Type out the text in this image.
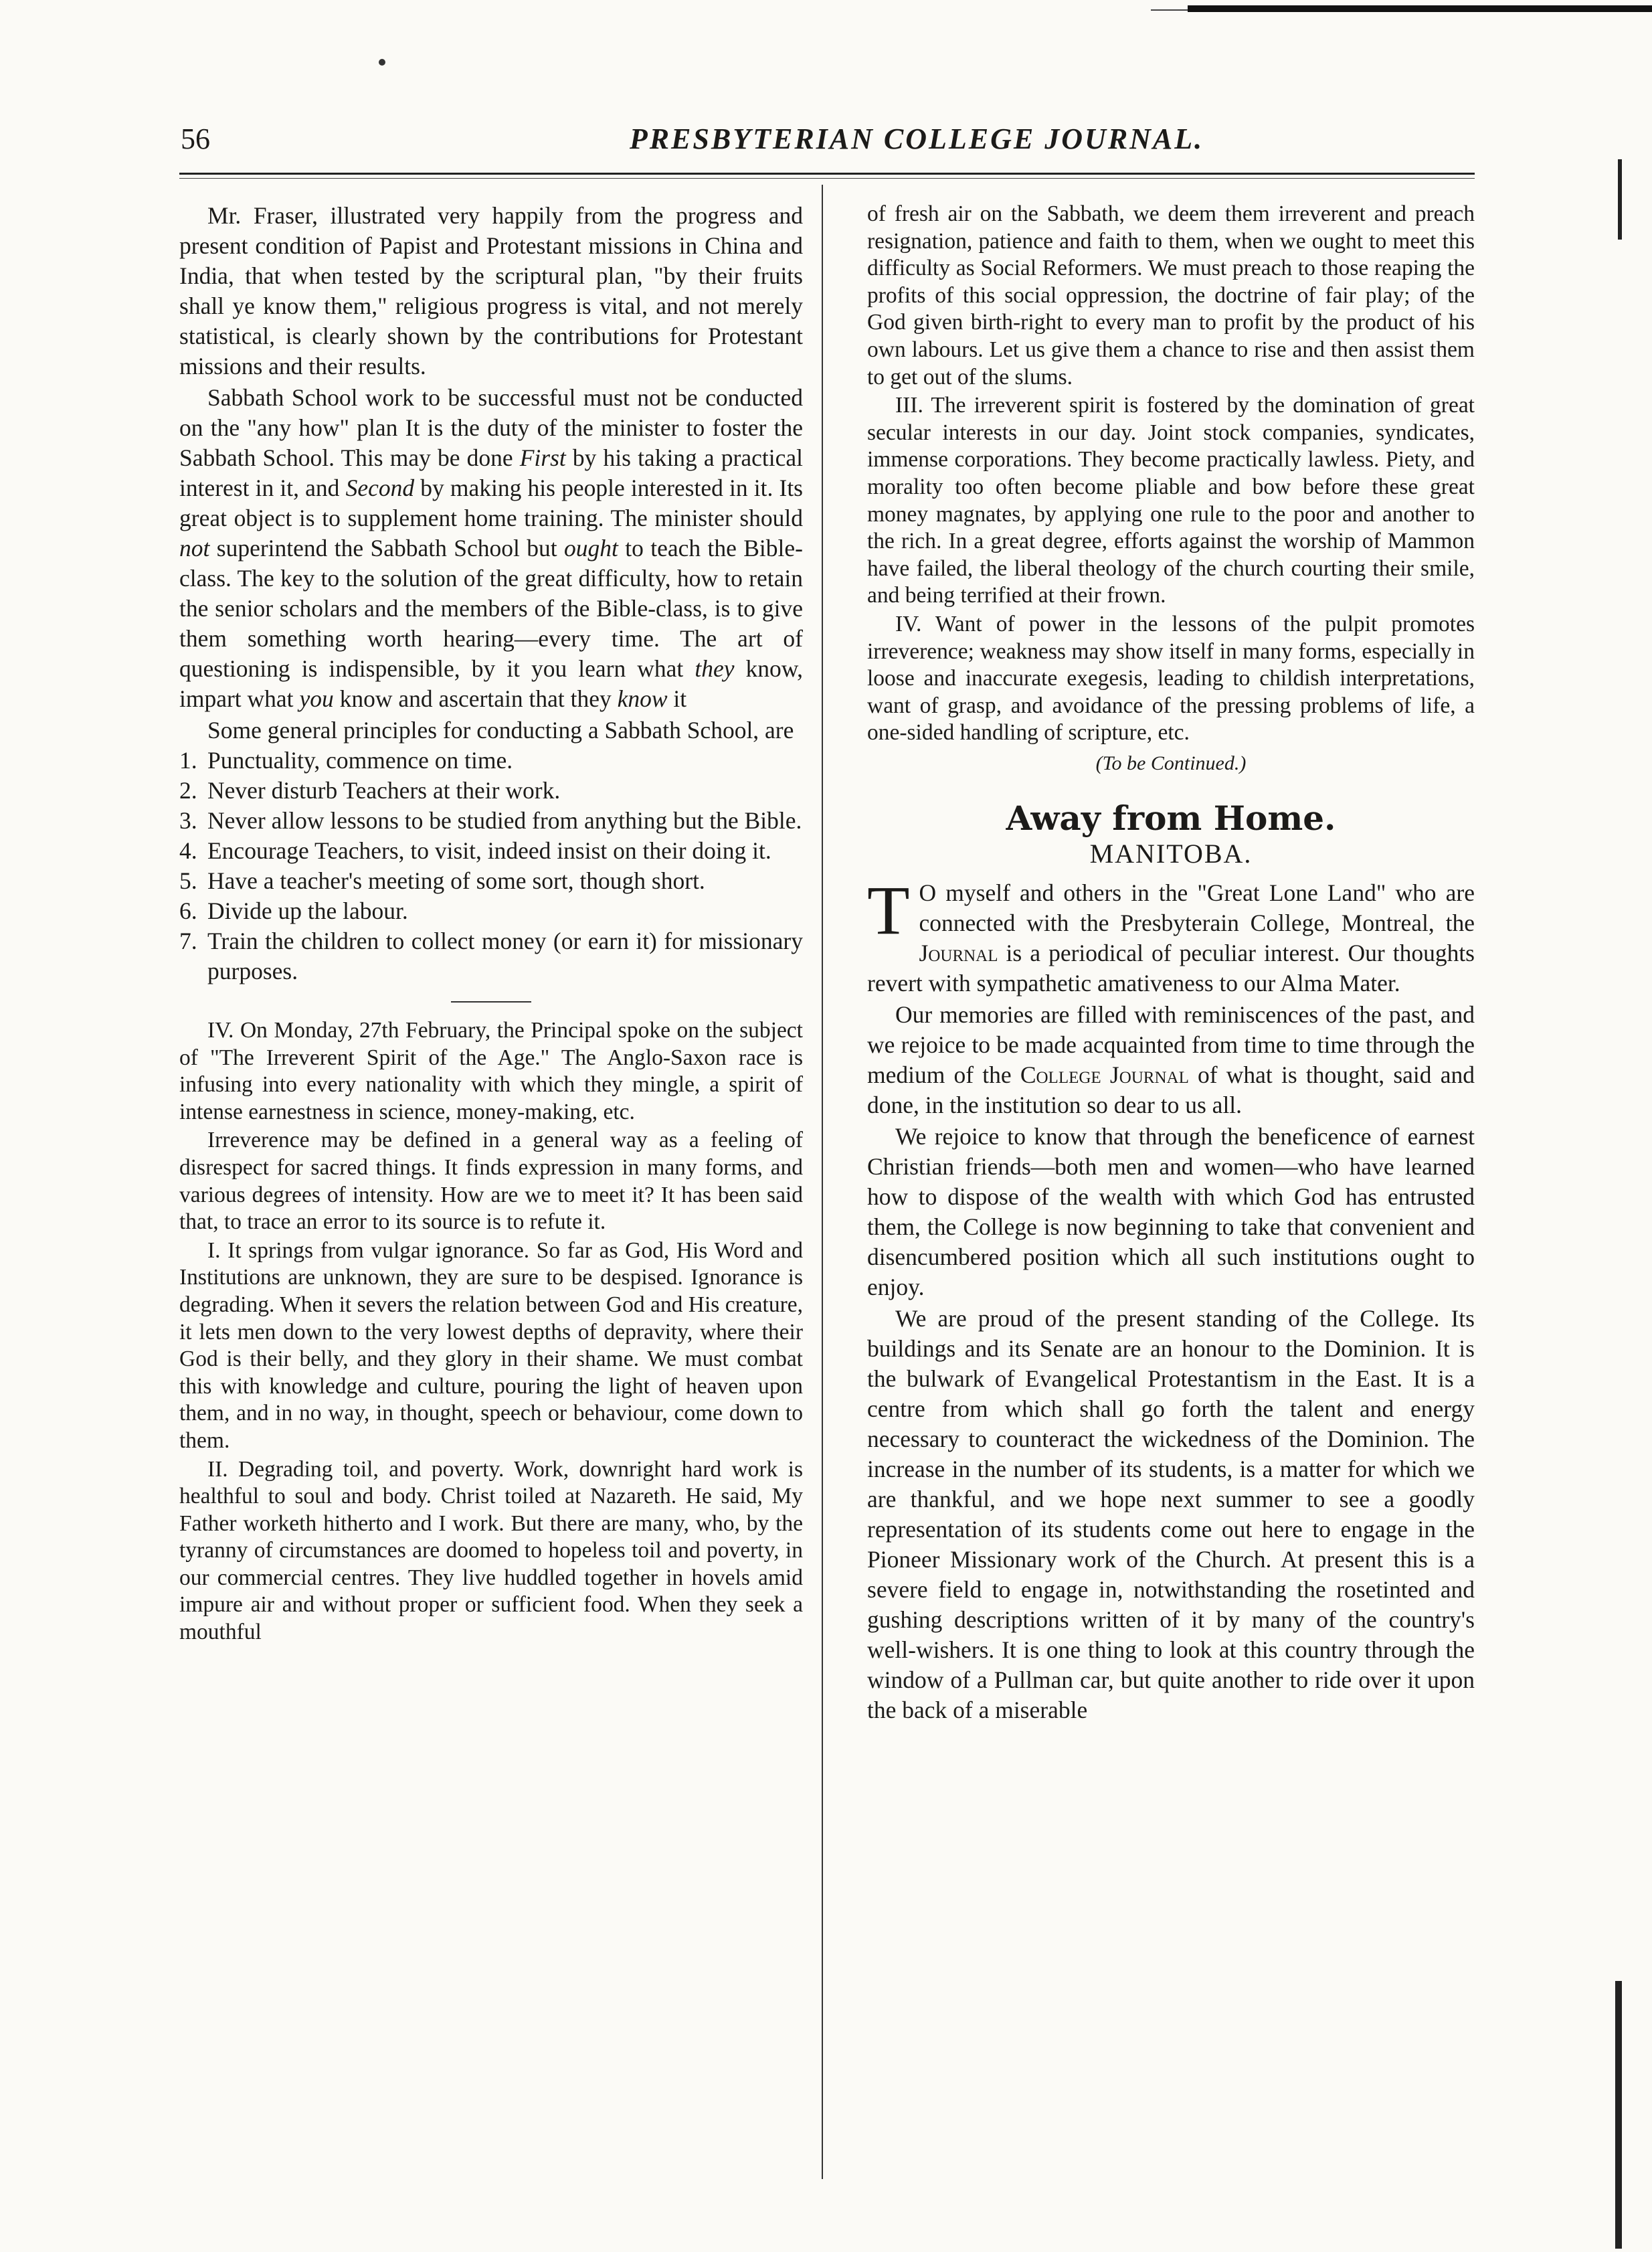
56	PRESBYTERIAN COLLEGE JOURNAL.

Mr. Fraser, illustrated very happily from the progress and present condition of Papist and Protestant missions in China and India, that when tested by the scriptural plan, "by their fruits shall ye know them," religious progress is vital, and not merely statistical, is clearly shown by the contributions for Protestant missions and their results.

Sabbath School work to be successful must not be conducted on the "any how" plan It is the duty of the minister to foster the Sabbath School. This may be done First by his taking a practical interest in it, and Second by making his people interested in it. Its great object is to supplement home training. The minister should not superintend the Sabbath School but ought to teach the Bible-class. The key to the solution of the great difficulty, how to retain the senior scholars and the members of the Bible-class, is to give them something worth hearing—every time. The art of questioning is indispensible, by it you learn what they know, impart what you know and ascertain that they know it

Some general principles for conducting a Sabbath School, are

1. Punctuality, commence on time.
2. Never disturb Teachers at their work.
3. Never allow lessons to be studied from anything but the Bible.
4. Encourage Teachers, to visit, indeed insist on their doing it.
5. Have a teacher's meeting of some sort, though short.
6. Divide up the labour.
7. Train the children to collect money (or earn it) for missionary purposes.

IV. On Monday, 27th February, the Principal spoke on the subject of "The Irreverent Spirit of the Age." The Anglo-Saxon race is infusing into every nationality with which they mingle, a spirit of intense earnestness in science, money-making, etc.

Irreverence may be defined in a general way as a feeling of disrespect for sacred things. It finds expression in many forms, and various degrees of intensity. How are we to meet it? It has been said that, to trace an error to its source is to refute it.

I. It springs from vulgar ignorance. So far as God, His Word and Institutions are unknown, they are sure to be despised. Ignorance is degrading. When it severs the relation between God and His creature, it lets men down to the very lowest depths of depravity, where their God is their belly, and they glory in their shame. We must combat this with knowledge and culture, pouring the light of heaven upon them, and in no way, in thought, speech or behaviour, come down to them.

II. Degrading toil, and poverty. Work, downright hard work is healthful to soul and body. Christ toiled at Nazareth. He said, My Father worketh hitherto and I work. But there are many, who, by the tyranny of circumstances are doomed to hopeless toil and poverty, in our commercial centres. They live huddled together in hovels amid impure air and without proper or sufficient food. When they seek a mouthful

of fresh air on the Sabbath, we deem them irreverent and preach resignation, patience and faith to them, when we ought to meet this difficulty as Social Reformers. We must preach to those reaping the profits of this social oppression, the doctrine of fair play; of the God given birth-right to every man to profit by the product of his own labours. Let us give them a chance to rise and then assist them to get out of the slums.

III. The irreverent spirit is fostered by the domination of great secular interests in our day. Joint stock companies, syndicates, immense corporations. They become practically lawless. Piety, and morality too often become pliable and bow before these great money magnates, by applying one rule to the poor and another to the rich. In a great degree, efforts against the worship of Mammon have failed, the liberal theology of the church courting their smile, and being terrified at their frown.

IV. Want of power in the lessons of the pulpit promotes irreverence; weakness may show itself in many forms, especially in loose and inaccurate exegesis, leading to childish interpretations, want of grasp, and avoidance of the pressing problems of life, a one-sided handling of scripture, etc.

(To be Continued.)
Away from Home.
MANITOBA.

T O myself and others in the "Great Lone Land" who are connected with the Presbyterain College, Montreal, the Journal is a periodical of peculiar interest. Our thoughts revert with sympathetic amativeness to our Alma Mater.

Our memories are filled with reminiscences of the past, and we rejoice to be made acquainted from time to time through the medium of the College Journal of what is thought, said and done, in the institution so dear to us all.

We rejoice to know that through the beneficence of earnest Christian friends—both men and women—who have learned how to dispose of the wealth with which God has entrusted them, the College is now beginning to take that convenient and disencumbered position which all such institutions ought to enjoy.

We are proud of the present standing of the College. Its buildings and its Senate are an honour to the Dominion. It is the bulwark of Evangelical Protestantism in the East. It is a centre from which shall go forth the talent and energy necessary to counteract the wickedness of the Dominion. The increase in the number of its students, is a matter for which we are thankful, and we hope next summer to see a goodly representation of its students come out here to engage in the Pioneer Missionary work of the Church. At present this is a severe field to engage in, notwithstanding the rosetinted and gushing descriptions written of it by many of the country's well-wishers. It is one thing to look at this country through the window of a Pullman car, but quite another to ride over it upon the back of a miserable
